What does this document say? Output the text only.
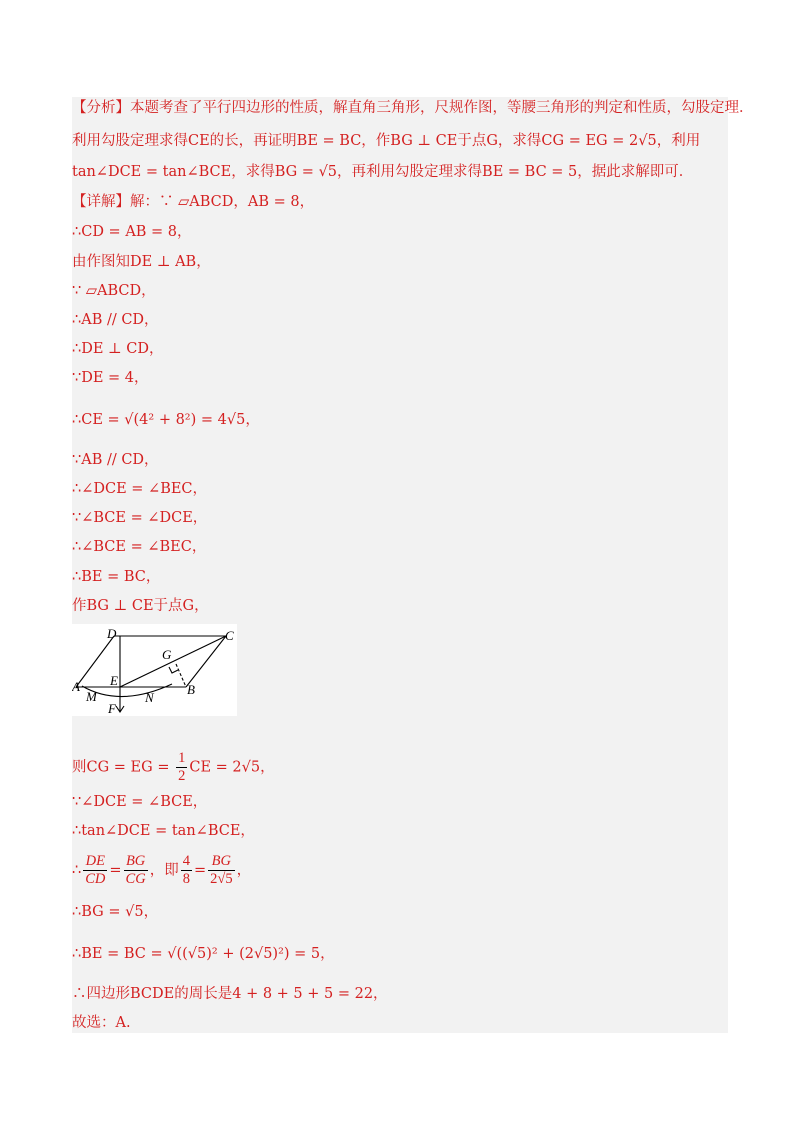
【分析】本题考查了平行四边形的性质，解直角三角形，尺规作图，等腰三角形的判定和性质，勾股定理．
利用勾股定理求得CE的长，再证明BE = BC，作BG ⊥ CE于点G，求得CG = EG = 2√5，利用
tan∠DCE = tan∠BCE，求得BG = √5，再利用勾股定理求得BE = BC = 5，据此求解即可．
【详解】解：∵ ▱ABCD，AB = 8，
∴CD = AB = 8，
由作图知DE ⊥ AB，
∵ ▱ABCD，
∴AB // CD，
∴DE ⊥ CD，
∵DE = 4，
∴CE = √(4² + 8²) = 4√5，
∵AB // CD，
∴∠DCE = ∠BEC，
∵∠BCE = ∠DCE，
∴∠BCE = ∠BEC，
∴BE = BC，
作BG ⊥ CE于点G，
D	C
G
A E
B
M	N
F
则CG = EG = $\frac{1}{2}$ CE = 2√5，
∵∠DCE = ∠BCE，
∴tan∠DCE = tan∠BCE，
∴ $\frac{DE}{CD} = \frac{BG}{CG}$ ，即 $\frac{4}{8} = \frac{BG}{2√5}$ ，
∴BG = √5，
∴BE = BC = √((√5)² + (2√5)²) = 5，
∴四边形BCDE的周长是4 + 8 + 5 + 5 = 22，
故选：A.
